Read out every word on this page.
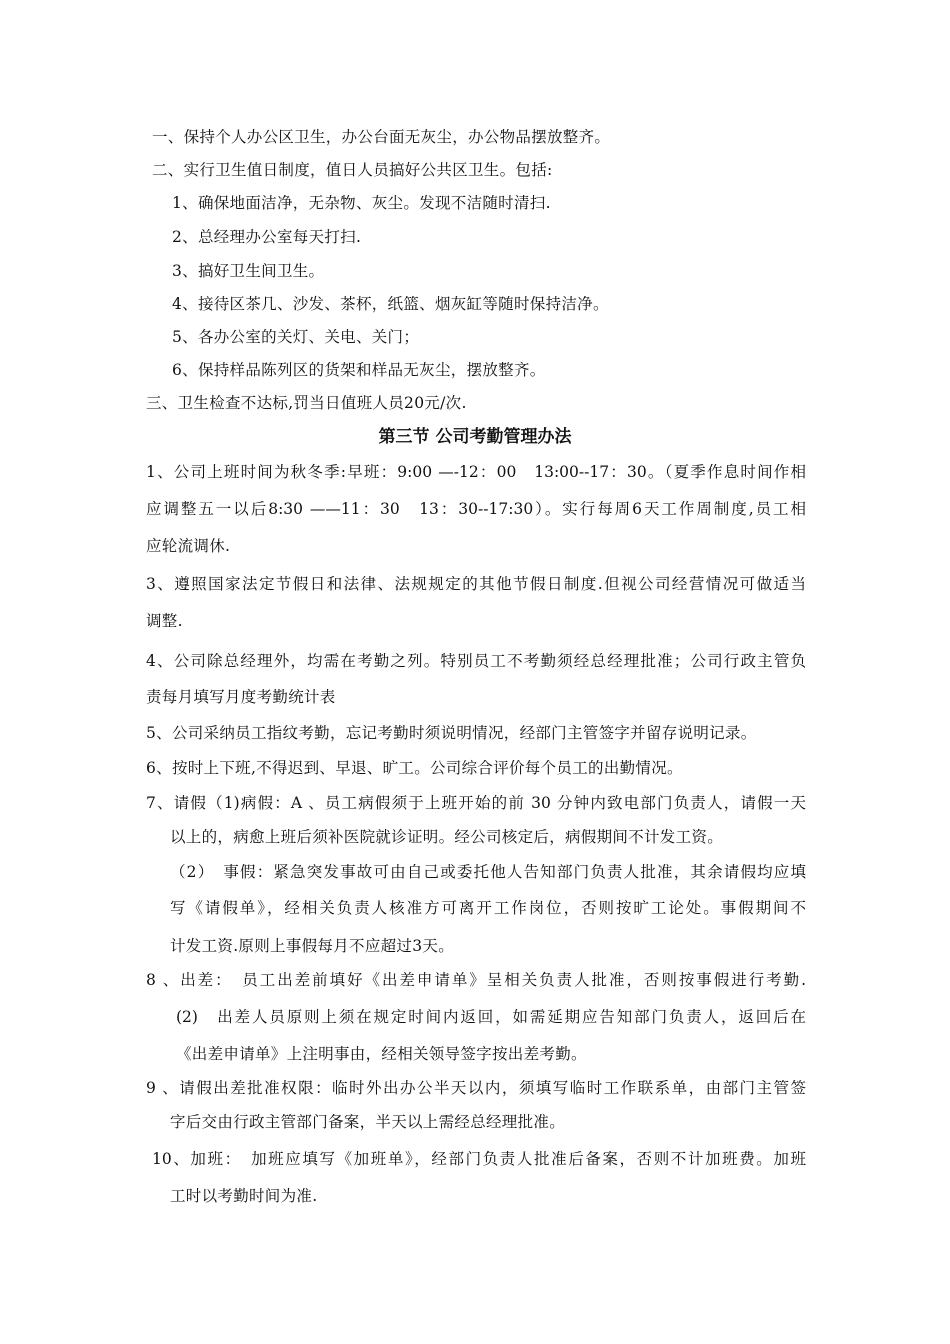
一、保持个人办公区卫生，办公台面无灰尘，办公物品摆放整齐。
二、实行卫生值日制度，值日人员搞好公共区卫生。包括:
1、确保地面洁净，无杂物、灰尘。发现不洁随时清扫.
2、总经理办公室每天打扫.
3、搞好卫生间卫生。
4、接待区茶几、沙发、茶杯，纸篮、烟灰缸等随时保持洁净。
5、各办公室的关灯、关电、关门；
6、保持样品陈列区的货架和样品无灰尘，摆放整齐。
三、卫生检查不达标,罚当日值班人员20元/次.
第三节 公司考勤管理办法
1、公司上班时间为秋冬季:早班：9:00 —-12：00　13:00--17：30。（夏季作息时间作相
应调整五一以后8:30 ——11：30　13：30--17:30）。实行每周6天工作周制度,员工相
应轮流调休.
3、遵照国家法定节假日和法律、法规规定的其他节假日制度.但视公司经营情况可做适当
调整.
4、公司除总经理外，均需在考勤之列。特别员工不考勤须经总经理批准；公司行政主管负
责每月填写月度考勤统计表
5、公司采纳员工指纹考勤，忘记考勤时须说明情况，经部门主管签字并留存说明记录。
6、按时上下班,不得迟到、早退、旷工。公司综合评价每个员工的出勤情况。
7、请假（1)病假：A 、员工病假须于上班开始的前 30 分钟内致电部门负责人，请假一天
以上的，病愈上班后须补医院就诊证明。经公司核定后，病假期间不计发工资。
（2）　事假：紧急突发事故可由自己或委托他人告知部门负责人批准，其余请假均应填
写《请假单》，经相关负责人核准方可离开工作岗位，否则按旷工论处。事假期间不
计发工资.原则上事假每月不应超过3天。
8 、出差：　员工出差前填好《出差申请单》呈相关负责人批准，否则按事假进行考勤.
(2)　出差人员原则上须在规定时间内返回，如需延期应告知部门负责人，返回后在
《出差申请单》上注明事由，经相关领导签字按出差考勤。
9 、请假出差批准权限：临时外出办公半天以内，须填写临时工作联系单，由部门主管签
字后交由行政主管部门备案，半天以上需经总经理批准。
10、加班：　加班应填写《加班单》，经部门负责人批准后备案，否则不计加班费。加班
工时以考勤时间为准.
